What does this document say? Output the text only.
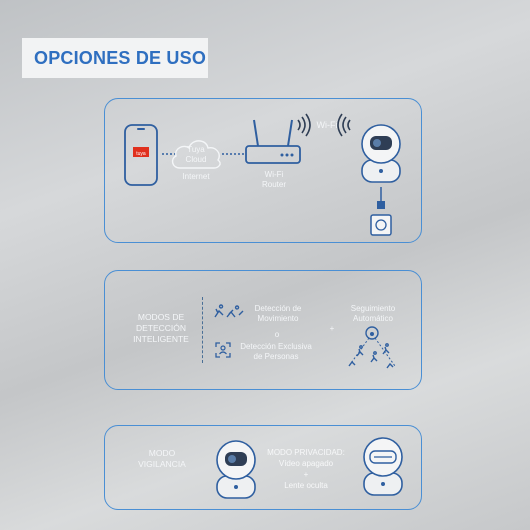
OPCIONES DE USO
tuya	Tuya Cloud
Internet	Wi-Fi Router
Wi-Fi
MODOS DE DETECCIÓN INTELIGENTE
Detección de Movimiento
o
Detección Exclusiva de Personas
+
Seguimiento Automático
MODO VIGILANCIA
MODO PRIVACIDAD:
Vídeo apagado
+
Lente oculta
